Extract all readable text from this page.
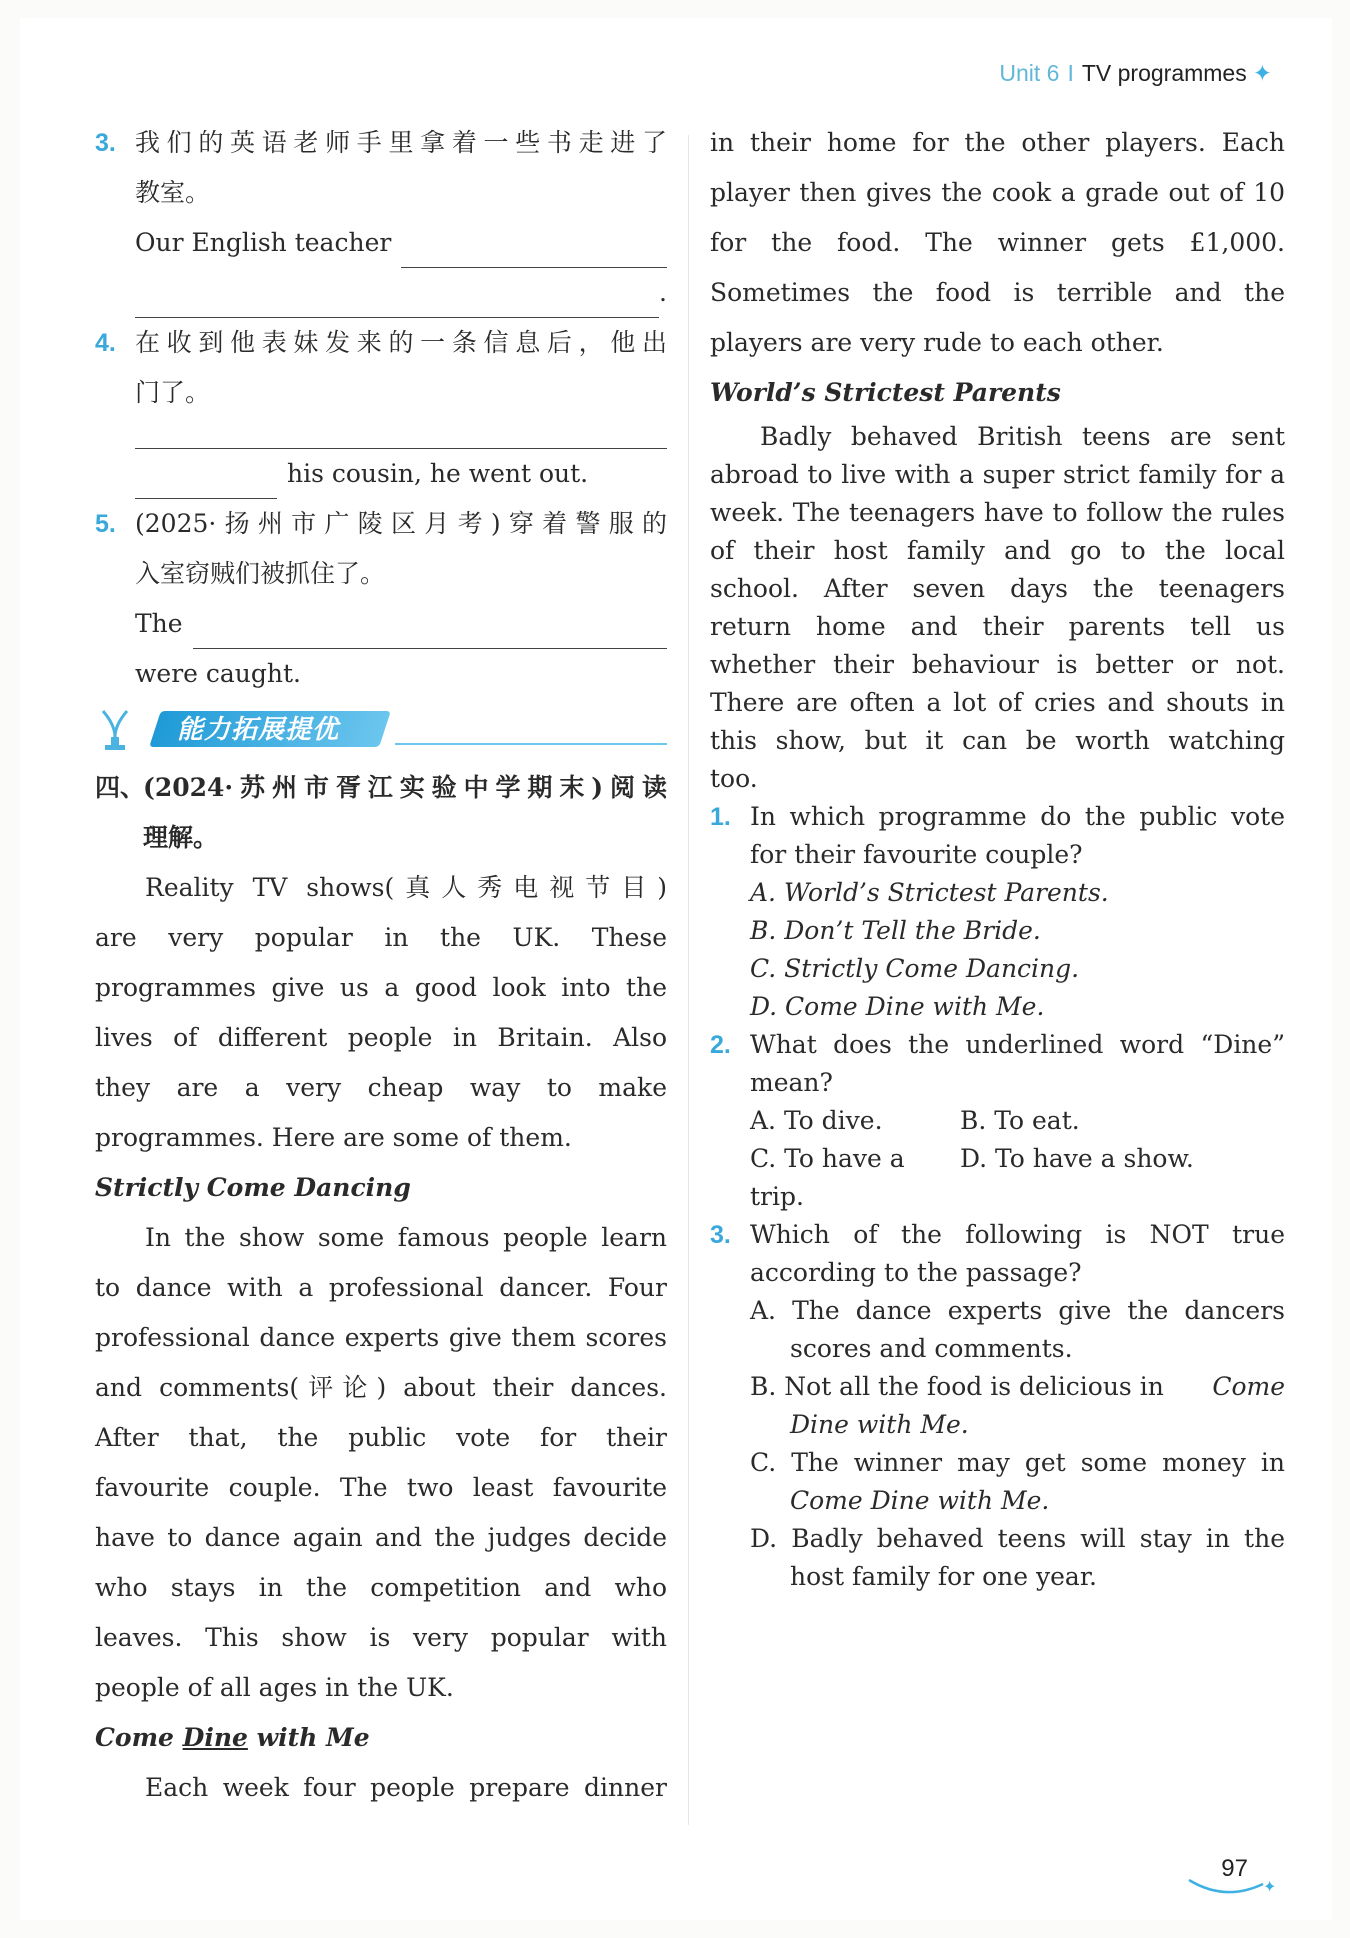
Unit 6 I TV programmes ✦
3. 我们的英语老师手里拿着一些书走进了
教室。
Our English teacher
.
4. 在收到他表妹发来的一条信息后，他出
门了。
his cousin, he went out.
5. (2025·扬州市广陵区月考)穿着警服的
入室窃贼们被抓住了。
The
were caught.
能力拓展提优
四、
(2024·苏州市胥江实验中学期末)阅读
理解。
Reality TV shows(真人秀电视节目)
are very popular in the UK. These
programmes give us a good look into the
lives of different people in Britain. Also
they are a very cheap way to make
programmes. Here are some of them.
Strictly Come Dancing
In the show some famous people learn
to dance with a professional dancer. Four
professional dance experts give them scores
and comments(评论) about their dances.
After that, the public vote for their
favourite couple. The two least favourite
have to dance again and the judges decide
who stays in the competition and who
leaves. This show is very popular with
people of all ages in the UK.
Come Dine with Me
Each week four people prepare dinner
in their home for the other players. Each
player then gives the cook a grade out of 10
for the food. The winner gets £1,000.
Sometimes the food is terrible and the
players are very rude to each other.
World’s Strictest Parents
Badly behaved British teens are sent
abroad to live with a super strict family for a
week. The teenagers have to follow the rules
of their host family and go to the local
school. After seven days the teenagers
return home and their parents tell us
whether their behaviour is better or not.
There are often a lot of cries and shouts in
this show, but it can be worth watching
too.
1. In which programme do the public vote
for their favourite couple?
A. World’s Strictest Parents.
B. Don’t Tell the Bride.
C. Strictly Come Dancing.
D. Come Dine with Me.
2. What does the underlined word “Dine”
mean?
A. To dive.	B. To eat.
C. To have a trip.
D. To have a show.
3. Which of the following is NOT true
according to the passage?
A. The dance experts give the dancers
scores and comments.
B. Not all the food is delicious in Come
Dine with Me.
C. The winner may get some money in
Come Dine with Me.
D. Badly behaved teens will stay in the
host family for one year.
97
✦
